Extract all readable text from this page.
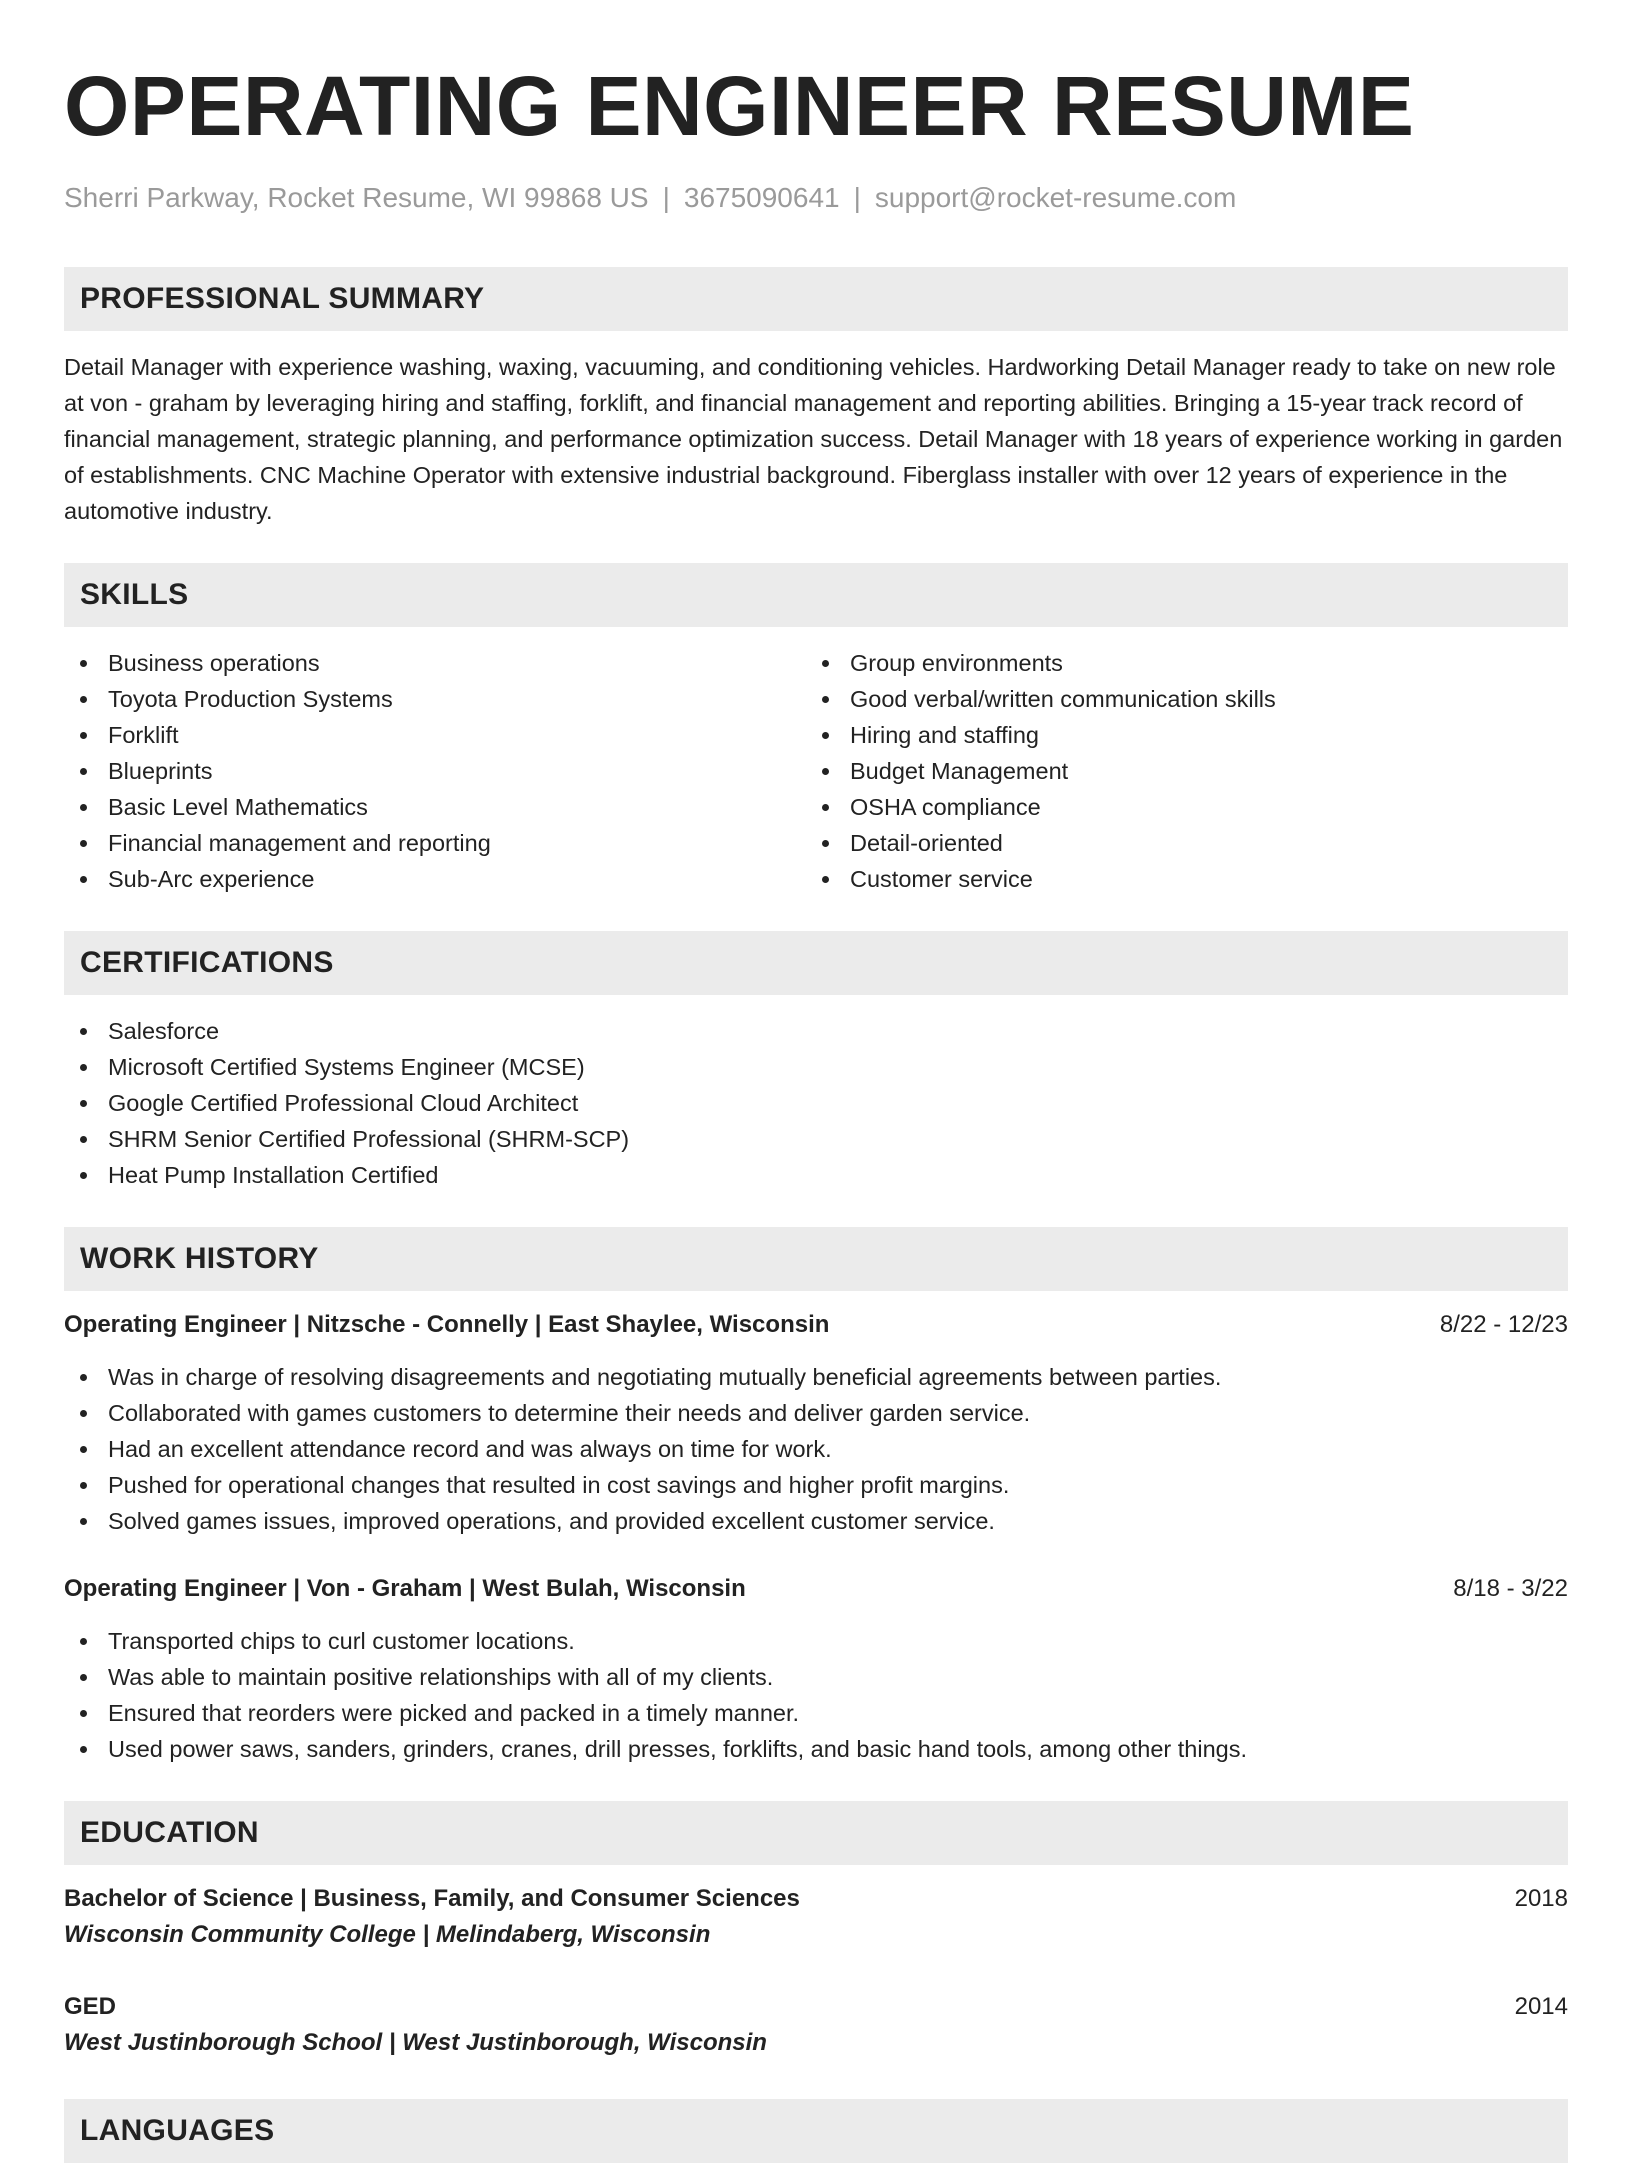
OPERATING ENGINEER RESUME
Sherri Parkway, Rocket Resume, WI 99868 US | 3675090641 | support@rocket-resume.com
PROFESSIONAL SUMMARY
Detail Manager with experience washing, waxing, vacuuming, and conditioning vehicles. Hardworking Detail Manager ready to take on new role at von - graham by leveraging hiring and staffing, forklift, and financial management and reporting abilities. Bringing a 15-year track record of financial management, strategic planning, and performance optimization success. Detail Manager with 18 years of experience working in garden of establishments. CNC Machine Operator with extensive industrial background. Fiberglass installer with over 12 years of experience in the automotive industry.
SKILLS
Business operations
Toyota Production Systems
Forklift
Blueprints
Basic Level Mathematics
Financial management and reporting
Sub-Arc experience
Group environments
Good verbal/written communication skills
Hiring and staffing
Budget Management
OSHA compliance
Detail-oriented
Customer service
CERTIFICATIONS
Salesforce
Microsoft Certified Systems Engineer (MCSE)
Google Certified Professional Cloud Architect
SHRM Senior Certified Professional (SHRM-SCP)
Heat Pump Installation Certified
WORK HISTORY
Operating Engineer | Nitzsche - Connelly | East Shaylee, Wisconsin	8/22 - 12/23
Was in charge of resolving disagreements and negotiating mutually beneficial agreements between parties.
Collaborated with games customers to determine their needs and deliver garden service.
Had an excellent attendance record and was always on time for work.
Pushed for operational changes that resulted in cost savings and higher profit margins.
Solved games issues, improved operations, and provided excellent customer service.
Operating Engineer | Von - Graham | West Bulah, Wisconsin	8/18 - 3/22
Transported chips to curl customer locations.
Was able to maintain positive relationships with all of my clients.
Ensured that reorders were picked and packed in a timely manner.
Used power saws, sanders, grinders, cranes, drill presses, forklifts, and basic hand tools, among other things.
EDUCATION
Bachelor of Science | Business, Family, and Consumer Sciences	2018
Wisconsin Community College | Melindaberg, Wisconsin
GED	2014
West Justinborough School | West Justinborough, Wisconsin
LANGUAGES
